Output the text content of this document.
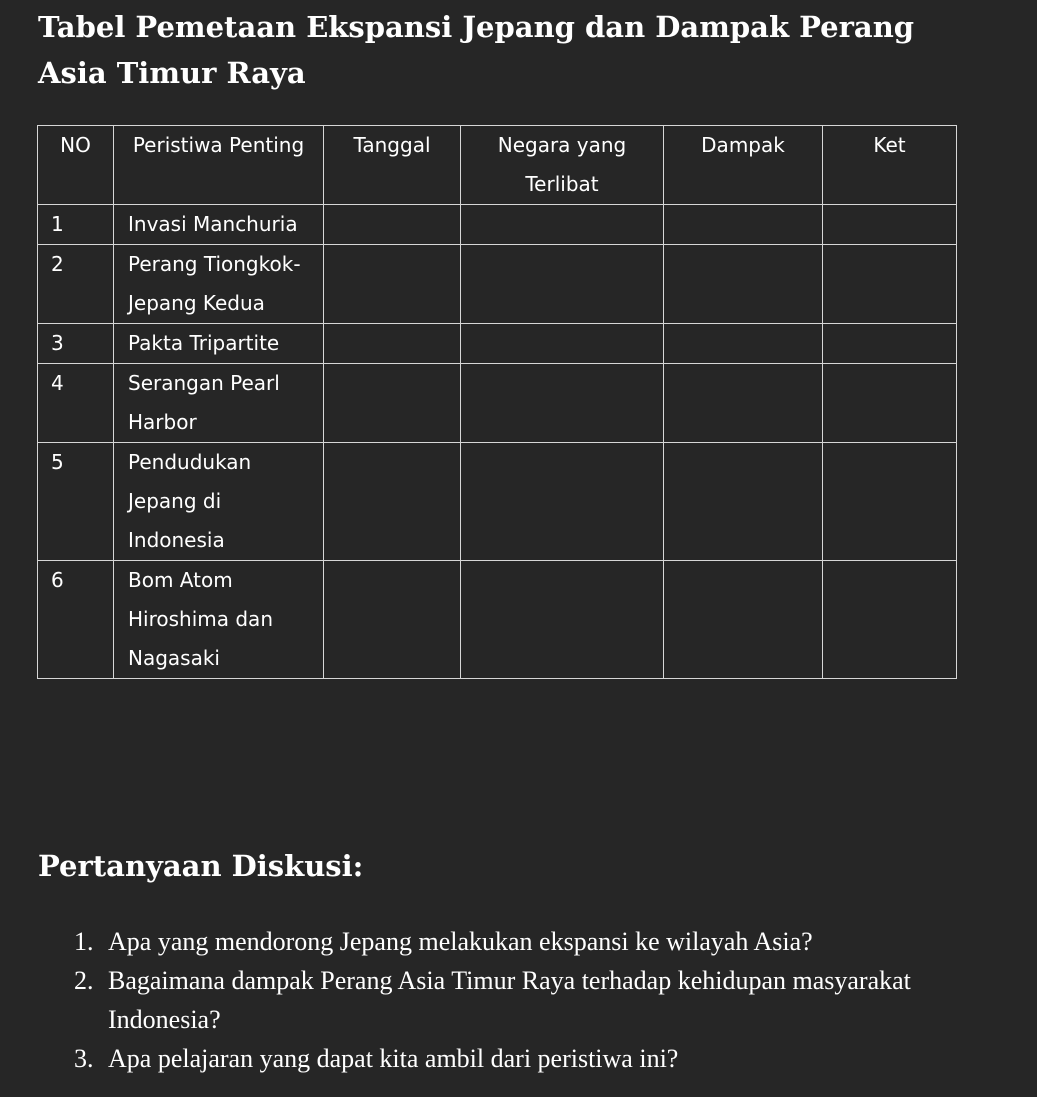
Tabel Pemetaan Ekspansi Jepang dan Dampak Perang Asia Timur Raya
NO	Peristiwa Penting	Tanggal	Negara yang Terlibat	Dampak	Ket
1	Invasi Manchuria				
2	Perang Tiongkok-Jepang Kedua				
3	Pakta Tripartite				
4	Serangan Pearl Harbor				
5	Pendudukan Jepang di Indonesia				
6	Bom Atom Hiroshima dan Nagasaki				
Pertanyaan Diskusi:
1. Apa yang mendorong Jepang melakukan ekspansi ke wilayah Asia?
2. Bagaimana dampak Perang Asia Timur Raya terhadap kehidupan masyarakat Indonesia?
3. Apa pelajaran yang dapat kita ambil dari peristiwa ini?
